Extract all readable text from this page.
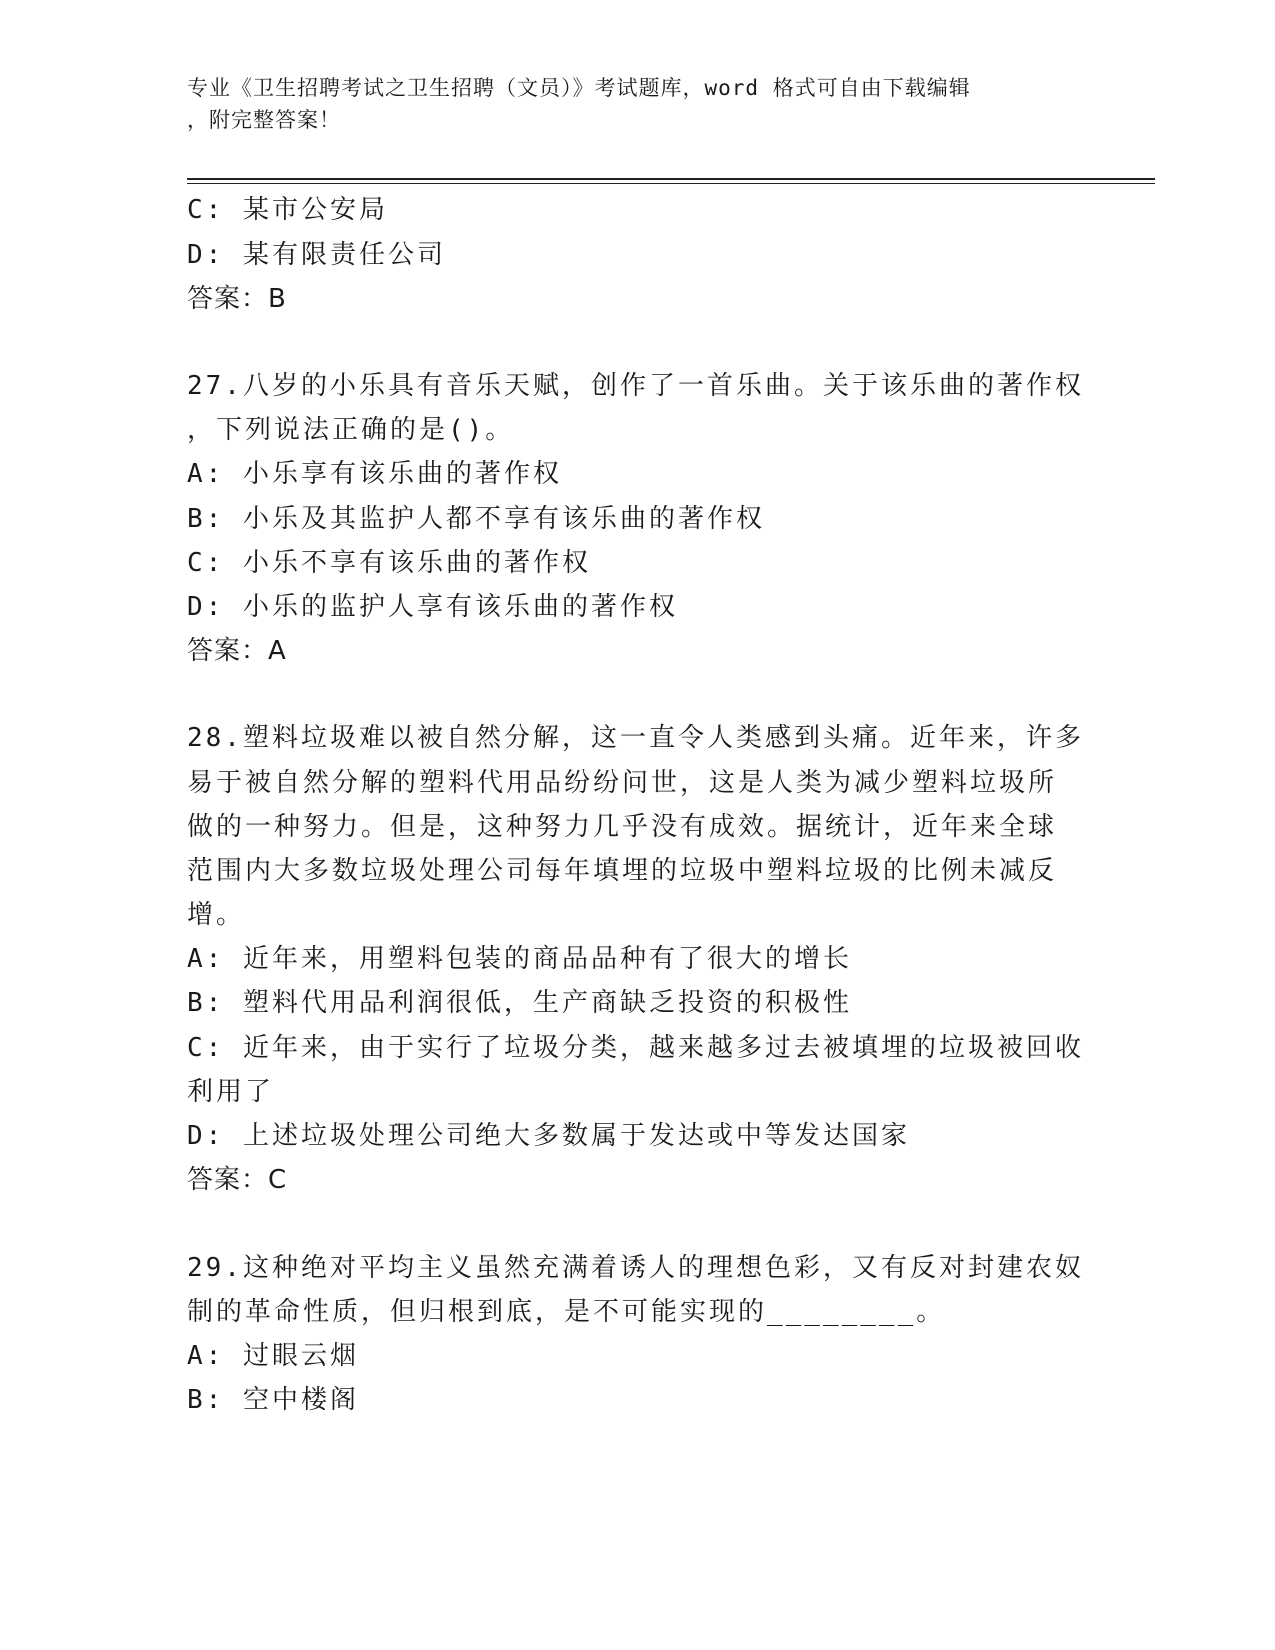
专业《卫生招聘考试之卫生招聘（文员）》考试题库，word 格式可自由下载编辑
，附完整答案！
C: 某市公安局
D: 某有限责任公司
答案：B
27.八岁的小乐具有音乐天赋，创作了一首乐曲。关于该乐曲的著作权
，下列说法正确的是()。
A: 小乐享有该乐曲的著作权
B: 小乐及其监护人都不享有该乐曲的著作权
C: 小乐不享有该乐曲的著作权
D: 小乐的监护人享有该乐曲的著作权
答案：A
28.塑料垃圾难以被自然分解，这一直令人类感到头痛。近年来，许多
易于被自然分解的塑料代用品纷纷问世，这是人类为减少塑料垃圾所
做的一种努力。但是，这种努力几乎没有成效。据统计，近年来全球
范围内大多数垃圾处理公司每年填埋的垃圾中塑料垃圾的比例未减反
增。
A: 近年来，用塑料包装的商品品种有了很大的增长
B: 塑料代用品利润很低，生产商缺乏投资的积极性
C: 近年来，由于实行了垃圾分类，越来越多过去被填埋的垃圾被回收
利用了
D: 上述垃圾处理公司绝大多数属于发达或中等发达国家
答案：C
29.这种绝对平均主义虽然充满着诱人的理想色彩，又有反对封建农奴
制的革命性质，但归根到底，是不可能实现的________。
A: 过眼云烟
B: 空中楼阁
